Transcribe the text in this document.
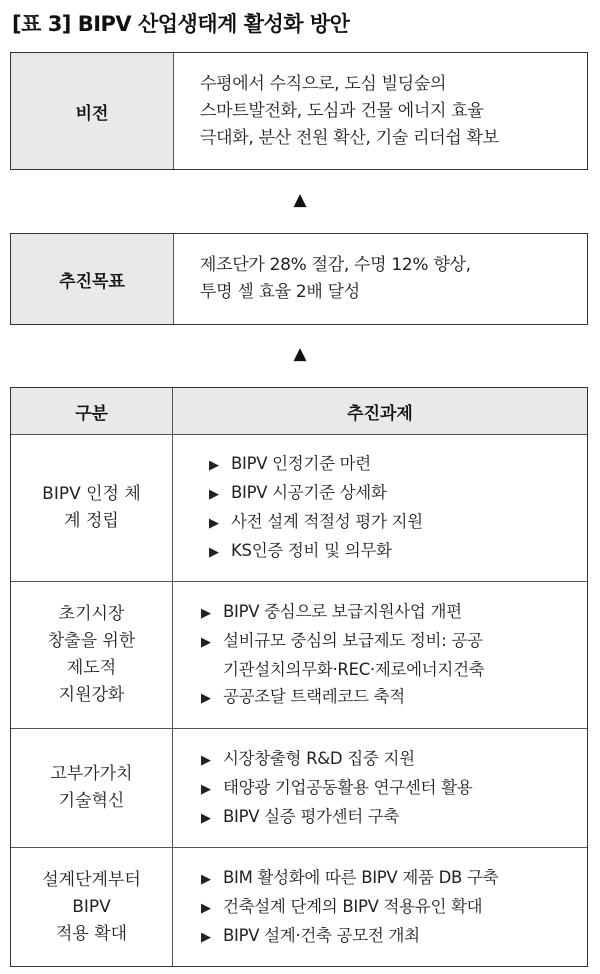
[표 3] BIPV 산업생태계 활성화 방안
비전
수평에서 수직으로, 도심 빌딩숲의
스마트발전화, 도심과 건물 에너지 효율
극대화, 분산 전원 확산, 기술 리더쉽 확보
▲
추진목표
제조단가 28% 절감, 수명 12% 향상,
투명 셀 효율 2배 달성
▲
구분	추진과제
BIPV 인정 체
계 정립
▶ BIPV 인정기준 마련
▶ BIPV 시공기준 상세화
▶ 사전 설계 적절성 평가 지원
▶ KS인증 정비 및 의무화
초기시장
창출을 위한
제도적
지원강화
▶ BIPV 중심으로 보급지원사업 개편
▶ 설비규모 중심의 보급제도 정비: 공공
기관설치의무화·REC·제로에너지건축
▶ 공공조달 트랙레코드 축적
고부가가치
기술혁신
▶ 시장창출형 R&D 집중 지원
▶ 태양광 기업공동활용 연구센터 활용
▶ BIPV 실증 평가센터 구축
설계단계부터
BIPV
적용 확대
▶ BIM 활성화에 따른 BIPV 제품 DB 구축
▶ 건축설계 단계의 BIPV 적용유인 확대
▶ BIPV 설계·건축 공모전 개최
